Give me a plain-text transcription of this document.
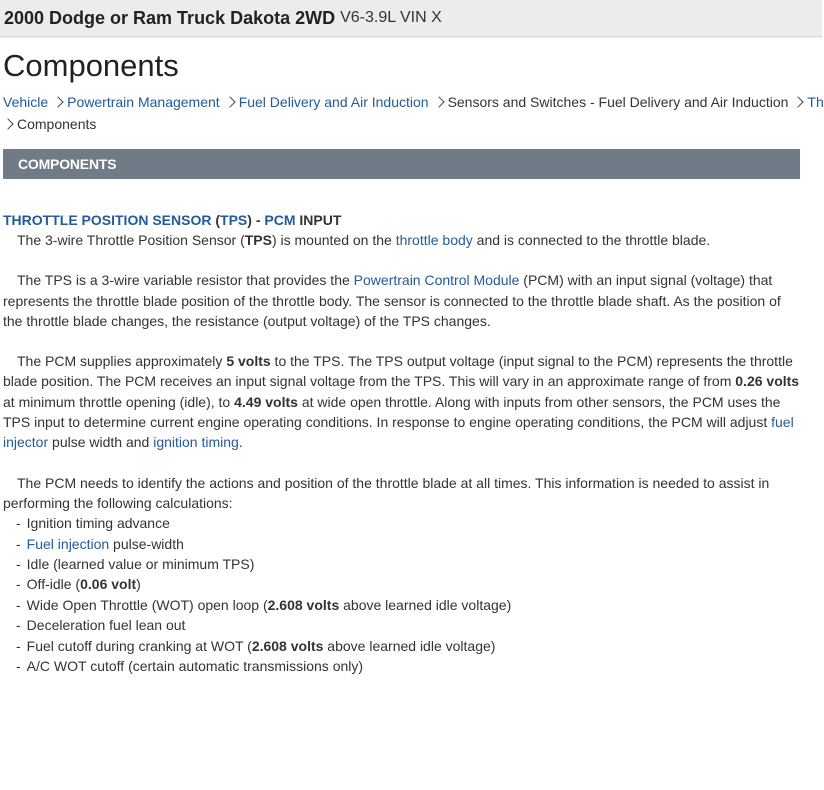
2000 Dodge or Ram Truck Dakota 2WD V6-3.9L VIN X
Components
Vehicle Powertrain Management Fuel Delivery and Air Induction Sensors and Switches - Fuel Delivery and Air Induction Th
Components
COMPONENTS

THROTTLE POSITION SENSOR (TPS) - PCM INPUT

The 3-wire Throttle Position Sensor (TPS) is mounted on the throttle body and is connected to the throttle blade.

The TPS is a 3-wire variable resistor that provides the Powertrain Control Module (PCM) with an input signal (voltage) that represents the throttle blade position of the throttle body. The sensor is connected to the throttle blade shaft. As the position of the throttle blade changes, the resistance (output voltage) of the TPS changes.

The PCM supplies approximately 5 volts to the TPS. The TPS output voltage (input signal to the PCM) represents the throttle blade position. The PCM receives an input signal voltage from the TPS. This will vary in an approximate range of from 0.26 volts at minimum throttle opening (idle), to 4.49 volts at wide open throttle. Along with inputs from other sensors, the PCM uses the TPS input to determine current engine operating conditions. In response to engine operating conditions, the PCM will adjust fuel injector pulse width and ignition timing.

The PCM needs to identify the actions and position of the throttle blade at all times. This information is needed to assist in performing the following calculations:

- Ignition timing advance
- Fuel injection pulse-width
- Idle (learned value or minimum TPS)
- Off-idle (0.06 volt)
- Wide Open Throttle (WOT) open loop (2.608 volts above learned idle voltage)
- Deceleration fuel lean out
- Fuel cutoff during cranking at WOT (2.608 volts above learned idle voltage)
- A/C WOT cutoff (certain automatic transmissions only)
